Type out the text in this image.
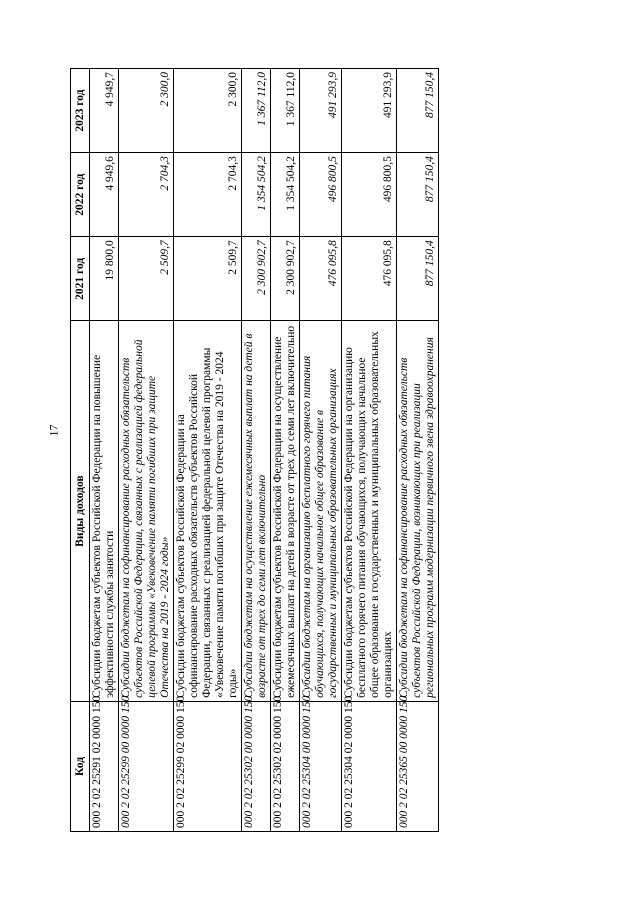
17
Код	Виды доходов	2021 год	2022 год	2023 год
000 2 02 25291 02 0000 150	Субсидии бюджетам субъектов Российской Федерации на повышение эффективности службы занятости	19 800,0	4 949,6	4 949,7
000 2 02 25299 00 0000 150	Субсидии бюджетам на софинансирование расходных обязательств субъектов Российской Федерации, связанных с реализацией федеральной целевой программы «Увековечение памяти погибших при защите Отечества на 2019 - 2024 годы»	2 509,7	2 704,3	2 300,0
000 2 02 25299 02 0000 150	Субсидии бюджетам субъектов Российской Федерации на софинансирование расходных обязательств субъектов Российской Федерации, связанных с реализацией федеральной целевой программы «Увековечение памяти погибших при защите Отечества на 2019 - 2024 годы»	2 509,7	2 704,3	2 300,0
000 2 02 25302 00 0000 150	Субсидии бюджетам на осуществление ежемесячных выплат на детей в возрасте от трех до семи лет включительно	2 300 902,7	1 354 504,2	1 367 112,0
000 2 02 25302 02 0000 150	Субсидии бюджетам субъектов Российской Федерации на осуществление ежемесячных выплат на детей в возрасте от трех до семи лет включительно	2 300 902,7	1 354 504,2	1 367 112,0
000 2 02 25304 00 0000 150	Субсидии бюджетам на организацию бесплатного горячего питания обучающихся, получающих начальное общее образование в государственных и муниципальных образовательных организациях	476 095,8	496 800,5	491 293,9
000 2 02 25304 02 0000 150	Субсидии бюджетам субъектов Российской Федерации на организацию бесплатного горячего питания обучающихся, получающих начальное общее образование в государственных и муниципальных образовательных организациях	476 095,8	496 800,5	491 293,9
000 2 02 25365 00 0000 150	Субсидии бюджетам на софинансирование расходных обязательств субъектов Российской Федерации, возникающих при реализации региональных программ модернизации первичного звена здравоохранения	877 150,4	877 150,4	877 150,4
